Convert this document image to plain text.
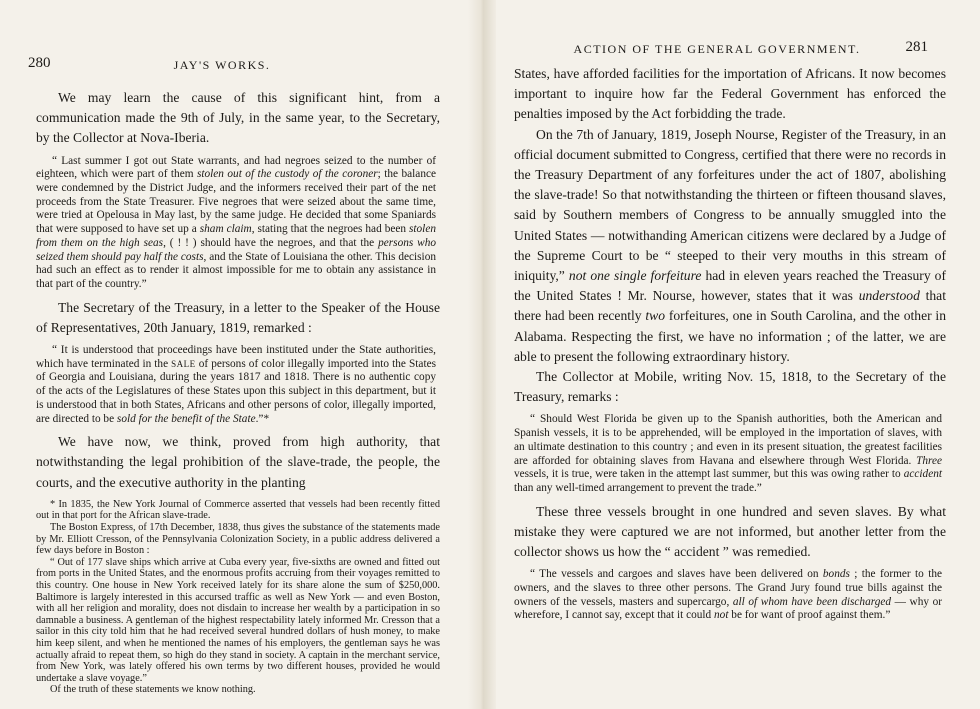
280	JAY'S WORKS.

We may learn the cause of this significant hint, from a communication made the 9th of July, in the same year, to the Secretary, by the Collector at Nova-Iberia.

“ Last summer I got out State warrants, and had negroes seized to the number of eighteen, which were part of them stolen out of the custody of the coroner; the balance were condemned by the District Judge, and the informers received their part of the net proceeds from the State Treasurer. Five negroes that were seized about the same time, were tried at Opelousa in May last, by the same judge. He decided that some Spaniards that were supposed to have set up a sham claim, stating that the negroes had been stolen from them on the high seas, ( ! ! ) should have the negroes, and that the persons who seized them should pay half the costs, and the State of Louisiana the other. This decision had such an effect as to render it almost impossible for me to obtain any assistance in that part of the country.”

The Secretary of the Treasury, in a letter to the Speaker of the House of Representatives, 20th January, 1819, remarked :

“ It is understood that proceedings have been instituted under the State authorities, which have terminated in the SALE of persons of color illegally imported into the States of Georgia and Louisiana, during the years 1817 and 1818. There is no authentic copy of the acts of the Legislatures of these States upon this subject in this department, but it is understood that in both States, Africans and other persons of color, illegally imported, are directed to be sold for the benefit of the State.”*

We have now, we think, proved from high authority, that notwithstanding the legal prohibition of the slave-trade, the people, the courts, and the executive authority in the planting

* In 1835, the New York Journal of Commerce asserted that vessels had been recently fitted out in that port for the African slave-trade.

The Boston Express, of 17th December, 1838, thus gives the substance of the statements made by Mr. Elliott Cresson, of the Pennsylvania Colonization Society, in a public address delivered a few days before in Boston :

“ Out of 177 slave ships which arrive at Cuba every year, five-sixths are owned and fitted out from ports in the United States, and the enormous profits accruing from their voyages remitted to this country. One house in New York received lately for its share alone the sum of $250,000. Baltimore is largely interested in this accursed traffic as well as New York — and even Boston, with all her religion and morality, does not disdain to increase her wealth by a participation in so damnable a business. A gentleman of the highest respectability lately informed Mr. Cresson that a sailor in this city told him that he had received several hundred dollars of hush money, to make him keep silent, and when he mentioned the names of his employers, the gentleman says he was actually afraid to repeat them, so high do they stand in society. A captain in the merchant service, from New York, was lately offered his own terms by two different houses, provided he would undertake a slave voyage.”

Of the truth of these statements we know nothing.

ACTION OF THE GENERAL GOVERNMENT.	281

States, have afforded facilities for the importation of Africans. It now becomes important to inquire how far the Federal Government has enforced the penalties imposed by the Act forbidding the trade.

On the 7th of January, 1819, Joseph Nourse, Register of the Treasury, in an official document submitted to Congress, certified that there were no records in the Treasury Department of any forfeitures under the act of 1807, abolishing the slave-trade! So that notwithstanding the thirteen or fifteen thousand slaves, said by Southern members of Congress to be annually smuggled into the United States — notwithanding American citizens were declared by a Judge of the Supreme Court to be “ steeped to their very mouths in this stream of iniquity,” not one single forfeiture had in eleven years reached the Treasury of the United States ! Mr. Nourse, however, states that it was understood that there had been recently two forfeitures, one in South Carolina, and the other in Alabama. Respecting the first, we have no information ; of the latter, we are able to present the following extraordinary history.

The Collector at Mobile, writing Nov. 15, 1818, to the Secretary of the Treasury, remarks :

“ Should West Florida be given up to the Spanish authorities, both the American and Spanish vessels, it is to be apprehended, will be employed in the importation of slaves, with an ultimate destination to this country ; and even in its present situation, the greatest facilities are afforded for obtaining slaves from Havana and elsewhere through West Florida. Three vessels, it is true, were taken in the attempt last summer, but this was owing rather to accident than any well-timed arrangement to prevent the trade.”

These three vessels brought in one hundred and seven slaves. By what mistake they were captured we are not informed, but another letter from the collector shows us how the “ accident ” was remedied.

“ The vessels and cargoes and slaves have been delivered on bonds ; the former to the owners, and the slaves to three other persons. The Grand Jury found true bills against the owners of the vessels, masters and supercargo, all of whom have been discharged — why or wherefore, I cannot say, except that it could not be for want of proof against them.”
